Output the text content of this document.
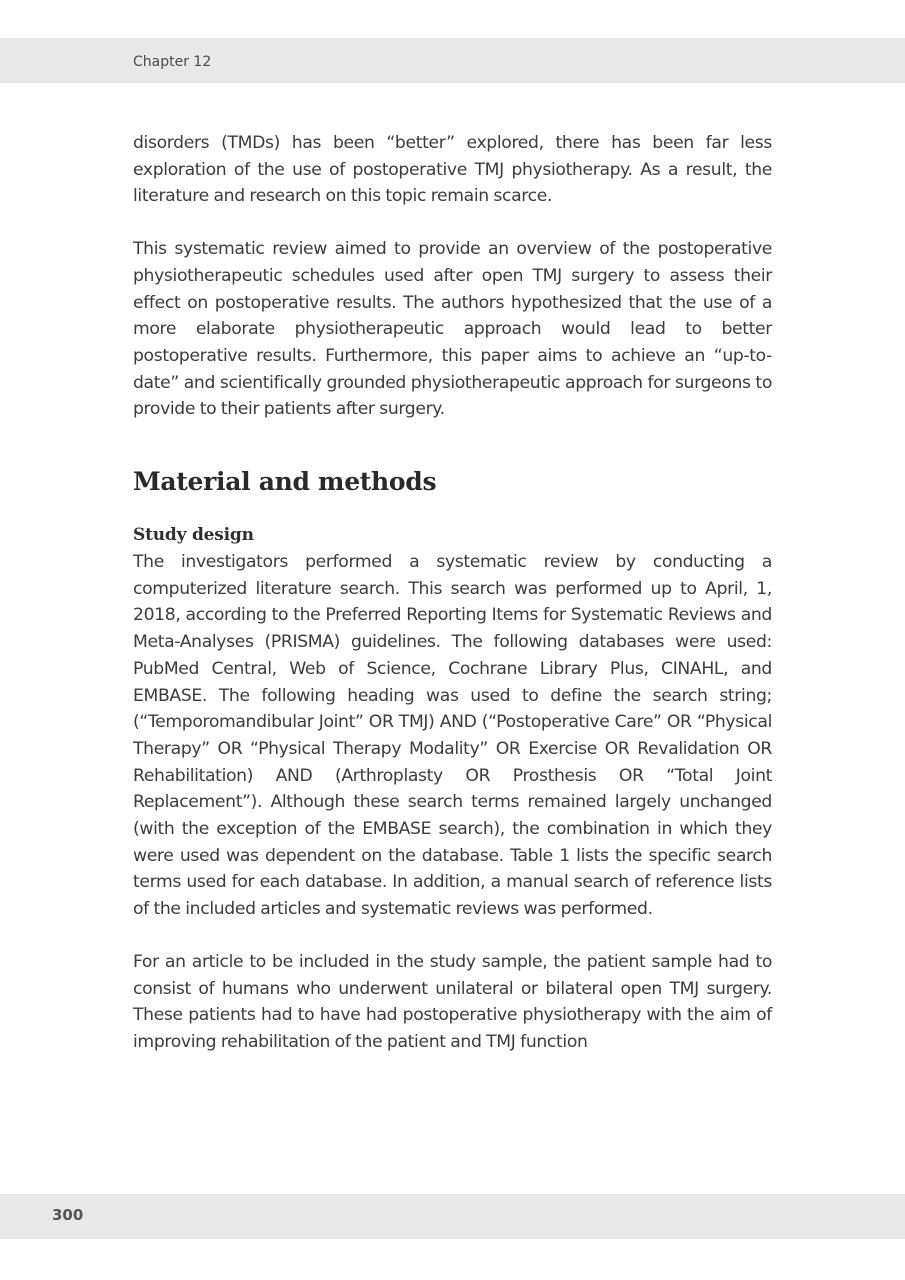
Chapter 12

disorders (TMDs) has been “better” explored, there has been far less exploration of the use of postoperative TMJ physiotherapy. As a result, the literature and research on this topic remain scarce.

This systematic review aimed to provide an overview of the postoperative physiotherapeutic schedules used after open TMJ surgery to assess their effect on postoperative results. The authors hypothesized that the use of a more elaborate physiotherapeutic approach would lead to better postoperative results. Furthermore, this paper aims to achieve an “up-to-date” and scientifically grounded physiotherapeutic approach for surgeons to provide to their patients after surgery.

Material and methods
Study design

The investigators performed a systematic review by conducting a computerized literature search. This search was performed up to April, 1, 2018, according to the Preferred Reporting Items for Systematic Reviews and Meta-Analyses (PRISMA) guidelines. The following databases were used: PubMed Central, Web of Science, Cochrane Library Plus, CINAHL, and EMBASE. The following heading was used to define the search string; (“Temporomandibular Joint” OR TMJ) AND (“Postoperative Care” OR “Physical Therapy” OR “Physical Therapy Modality” OR Exercise OR Revalidation OR Rehabilitation) AND (Arthroplasty OR Prosthesis OR “Total Joint Replacement”). Although these search terms remained largely unchanged (with the exception of the EMBASE search), the combination in which they were used was dependent on the database. Table 1 lists the specific search terms used for each database. In addition, a manual search of reference lists of the included articles and systematic reviews was performed.

For an article to be included in the study sample, the patient sample had to consist of humans who underwent unilateral or bilateral open TMJ surgery. These patients had to have had postoperative physiotherapy with the aim of improving rehabilitation of the patient and TMJ function

300
